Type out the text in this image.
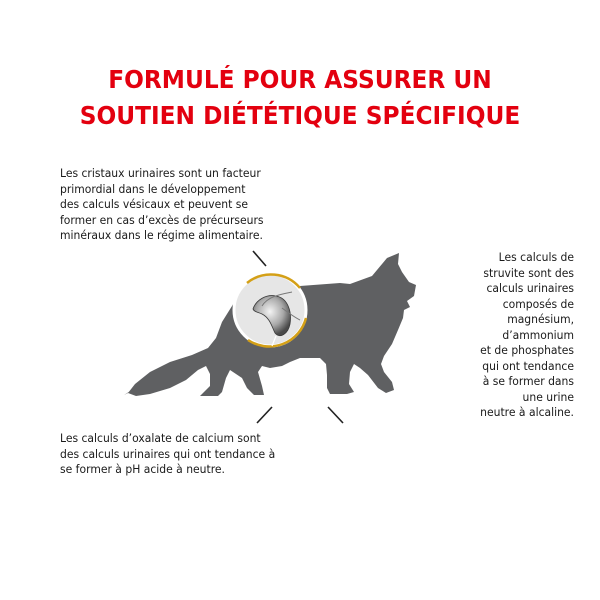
FORMULÉ POUR ASSURER UN
SOUTIEN DIÉTÉTIQUE SPÉCIFIQUE
Les cristaux urinaires sont un facteur
primordial dans le développement
des calculs vésicaux et peuvent se
former en cas d’excès de précurseurs
minéraux dans le régime alimentaire.
Les calculs de
struvite sont des
calculs urinaires
composés de
magnésium,
d’ammonium
et de phosphates
qui ont tendance
à se former dans
une urine
neutre à alcaline.
Les calculs d’oxalate de calcium sont
des calculs urinaires qui ont tendance à
se former à pH acide à neutre.
